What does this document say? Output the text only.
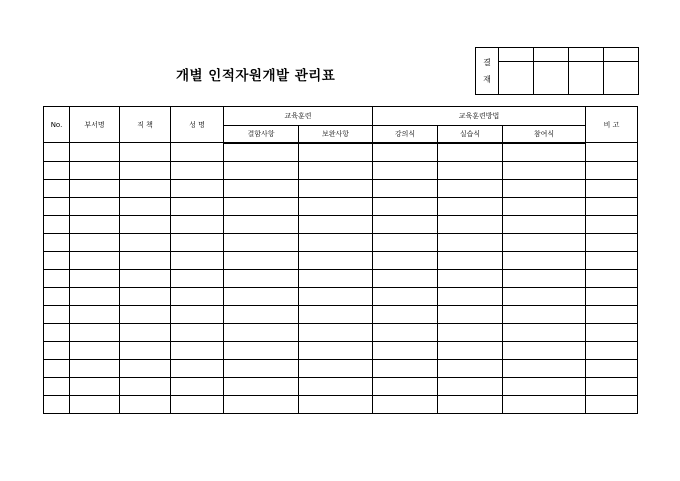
개별 인적자원개발 관리표
결
재				

No.	부서명	직 책	성 명	교육훈련		교육훈련방법			비 고
				결함사항	보완사항	강의식	실습식	참여식	
